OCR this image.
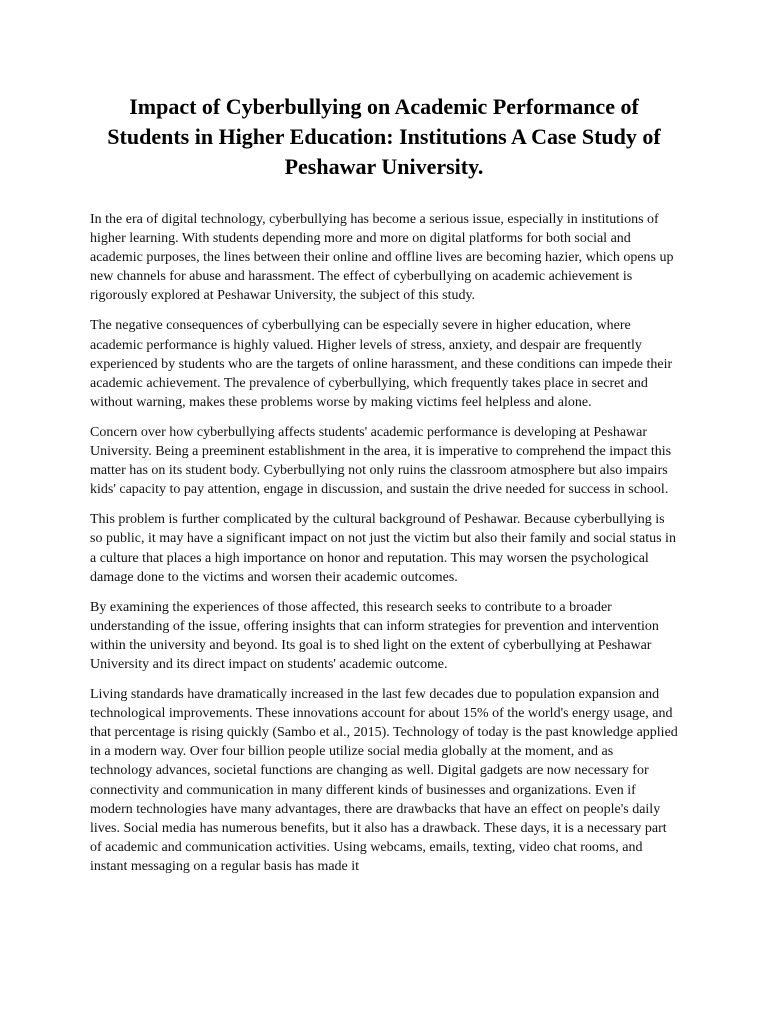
Impact of Cyberbullying on Academic Performance of Students in Higher Education: Institutions A Case Study of Peshawar University.

In the era of digital technology, cyberbullying has become a serious issue, especially in institutions of higher learning. With students depending more and more on digital platforms for both social and academic purposes, the lines between their online and offline lives are becoming hazier, which opens up new channels for abuse and harassment. The effect of cyberbullying on academic achievement is rigorously explored at Peshawar University, the subject of this study.

The negative consequences of cyberbullying can be especially severe in higher education, where academic performance is highly valued. Higher levels of stress, anxiety, and despair are frequently experienced by students who are the targets of online harassment, and these conditions can impede their academic achievement. The prevalence of cyberbullying, which frequently takes place in secret and without warning, makes these problems worse by making victims feel helpless and alone.

Concern over how cyberbullying affects students' academic performance is developing at Peshawar University. Being a preeminent establishment in the area, it is imperative to comprehend the impact this matter has on its student body. Cyberbullying not only ruins the classroom atmosphere but also impairs kids' capacity to pay attention, engage in discussion, and sustain the drive needed for success in school.

This problem is further complicated by the cultural background of Peshawar. Because cyberbullying is so public, it may have a significant impact on not just the victim but also their family and social status in a culture that places a high importance on honor and reputation. This may worsen the psychological damage done to the victims and worsen their academic outcomes.

By examining the experiences of those affected, this research seeks to contribute to a broader understanding of the issue, offering insights that can inform strategies for prevention and intervention within the university and beyond. Its goal is to shed light on the extent of cyberbullying at Peshawar University and its direct impact on students' academic outcome.

Living standards have dramatically increased in the last few decades due to population expansion and technological improvements. These innovations account for about 15% of the world's energy usage, and that percentage is rising quickly (Sambo et al., 2015). Technology of today is the past knowledge applied in a modern way. Over four billion people utilize social media globally at the moment, and as technology advances, societal functions are changing as well. Digital gadgets are now necessary for connectivity and communication in many different kinds of businesses and organizations. Even if modern technologies have many advantages, there are drawbacks that have an effect on people's daily lives. Social media has numerous benefits, but it also has a drawback. These days, it is a necessary part of academic and communication activities. Using webcams, emails, texting, video chat rooms, and instant messaging on a regular basis has made it
